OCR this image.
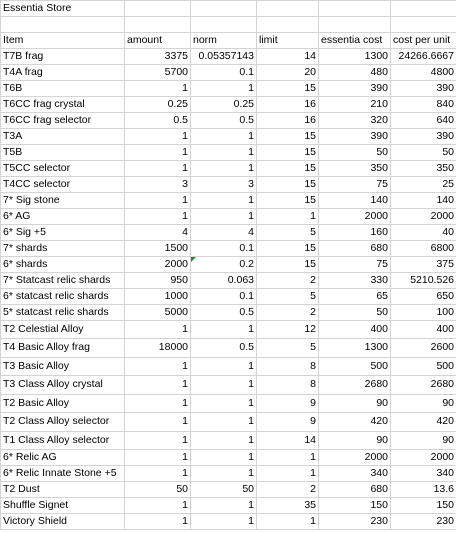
Essentia Store					

Item	amount	norm	limit	essentia cost	cost per unit
T7B frag	3375	0.05357143	14	1300	24266.6667
T4A frag	5700	0.1	20	480	4800
T6B	1	1	15	390	390
T6CC frag crystal	0.25	0.25	16	210	840
T6CC frag selector	0.5	0.5	16	320	640
T3A	1	1	15	390	390
T5B	1	1	15	50	50
T5CC selector	1	1	15	350	350
T4CC selector	3	3	15	75	25
7* Sig stone	1	1	15	140	140
6* AG	1	1	1	2000	2000
6* Sig +5	4	4	5	160	40
7* shards	1500	0.1	15	680	6800
6* shards	2000	0.2	15	75	375
7* Statcast relic shards	950	0.063	2	330	5210.526
6* statcast relic shards	1000	0.1	5	65	650
5* statcast relic shards	5000	0.5	2	50	100
T2 Celestial Alloy	1	1	12	400	400
T4 Basic Alloy frag	18000	0.5	5	1300	2600
T3 Basic Alloy	1	1	8	500	500
T3 Class Alloy crystal	1	1	8	2680	2680
T2 Basic Alloy	1	1	9	90	90
T2 Class Alloy selector	1	1	9	420	420
T1 Class Alloy selector	1	1	14	90	90
6* Relic AG	1	1	1	2000	2000
6* Relic Innate Stone +5	1	1	1	340	340
T2 Dust	50	50	2	680	13.6
Shuffle Signet	1	1	35	150	150
Victory Shield	1	1	1	230	230
